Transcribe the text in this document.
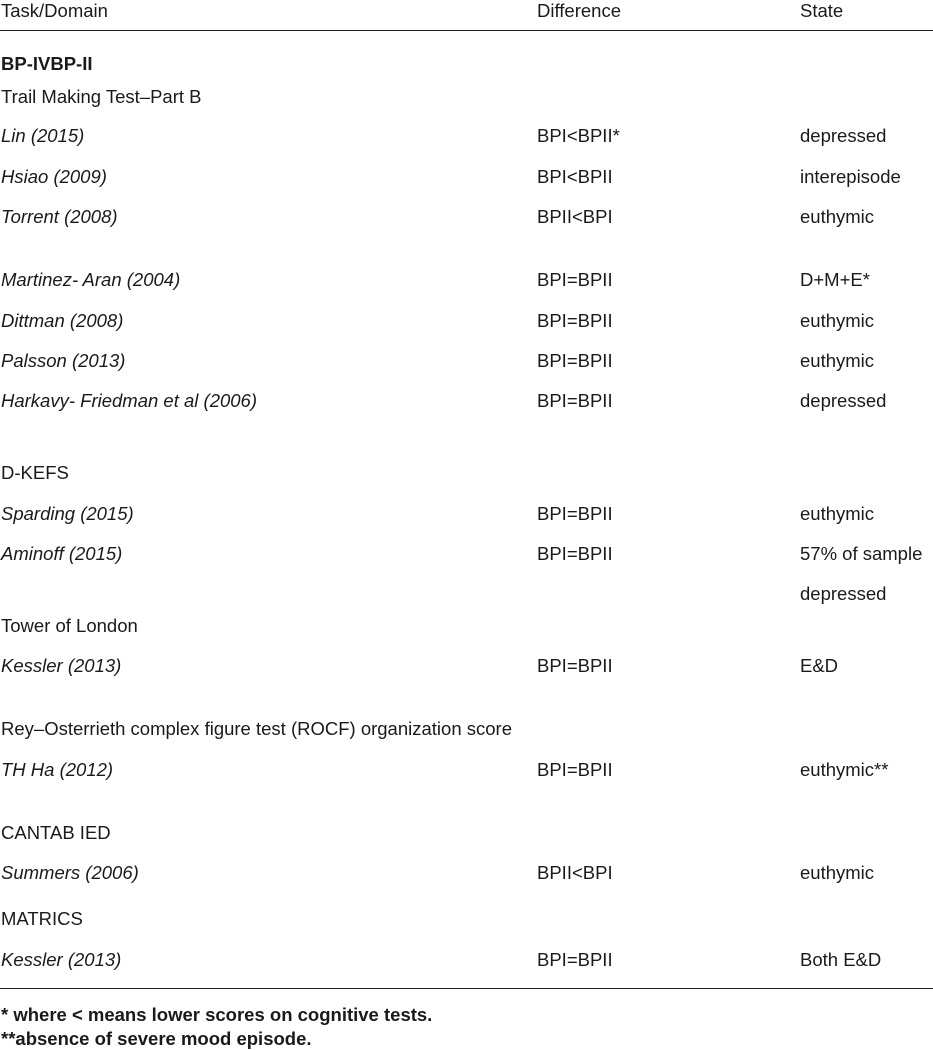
Task/Domain	Difference	State
BP-IVBP-II
Trail Making Test–Part B
Lin (2015)	BPI<BPII*	depressed
Hsiao (2009)	BPI<BPII	interepisode
Torrent (2008)	BPII<BPI	euthymic
Martinez- Aran (2004)	BPI=BPII	D+M+E*
Dittman (2008)	BPI=BPII	euthymic
Palsson (2013)	BPI=BPII	euthymic
Harkavy- Friedman et al (2006)	BPI=BPII	depressed
D-KEFS
Sparding (2015)	BPI=BPII	euthymic
Aminoff (2015)	BPI=BPII	57% of sample
depressed
Tower of London
Kessler (2013)	BPI=BPII	E&D
Rey–Osterrieth complex figure test (ROCF) organization score
TH Ha (2012)	BPI=BPII	euthymic**
CANTAB IED
Summers (2006)	BPII<BPI	euthymic
MATRICS
Kessler (2013)	BPI=BPII	Both E&D
* where < means lower scores on cognitive tests.
**absence of severe mood episode.
